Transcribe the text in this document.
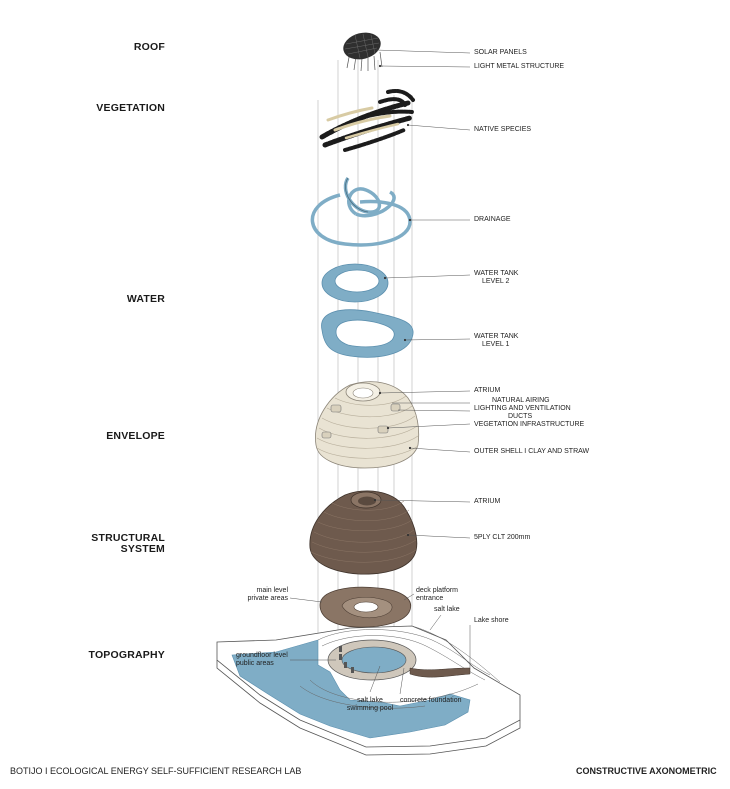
ROOF
VEGETATION
WATER
ENVELOPE
STRUCTURAL
SYSTEM
TOPOGRAPHY
SOLAR PANELS
LIGHT METAL STRUCTURE
NATIVE SPECIES
DRAINAGE
WATER TANK
LEVEL 2
WATER TANK
LEVEL 1
ATRIUM
NATURAL AIRING
LIGHTING AND VENTILATION
DUCTS
VEGETATION INFRASTRUCTURE
OUTER SHELL I CLAY AND STRAW
ATRIUM
5PLY CLT 200mm
main level
private areas
deck platform
entrance
salt lake
Lake shore
groundfloor level
public areas
salt lake
swimming pool
concrete foundation
BOTIJO I ECOLOGICAL ENERGY SELF-SUFFICIENT RESEARCH LAB	CONSTRUCTIVE AXONOMETRIC
